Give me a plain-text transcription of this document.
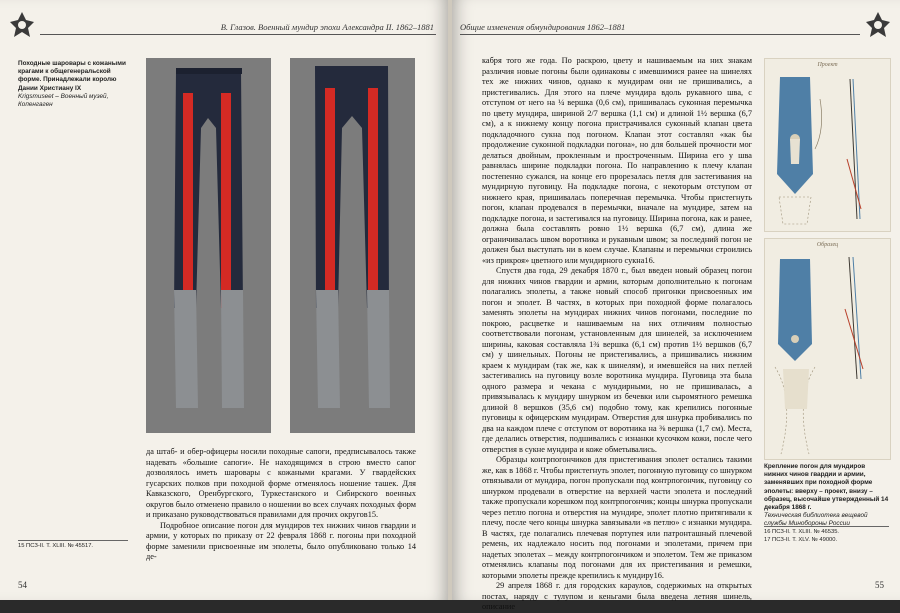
В. Глазов. Военный мундир эпохи Александра II. 1862–1881
Походные шаровары с кожаными крагами к общегенеральской форме. Принадлежали королю Дании Христиану IX
Krigsmuseet – Военный музей, Копенгаген

да штаб- и обер-офицеры носили походные сапоги, предписывалось также надевать «большие сапоги». Не находящимся в строю вместо сапог дозволялось иметь шаровары с кожаными крагами. У гвардейских гусарских полков при походной форме отменялось ношение ташек. Для Кавказского, Оренбургского, Туркестанского и Сибирского военных округов было отменено правило о ношении во всех случаях походных форм и приказано руководствоваться правилами для прочих округов15.

Подробное описание погон для мундиров тех нижних чинов гвардии и армии, у которых по приказу от 22 февраля 1868 г. погоны при походной форме заменили присвоенные им эполеты, было опубликовано только 14 де-

15 ПСЗ-II. Т. XLIII. № 45517.
54
Общие изменения обмундирования 1862–1881

кабря того же года. По раскрою, цвету и нашиваемым на них знакам различия новые погоны были одинаковы с имевшимися ранее на шинелях тех же нижних чинов, однако к мундирам они не пришивались, а пристегивались. Для этого на плече мундира вдоль рукавного шва, с отступом от него на ¼ вершка (0,6 см), пришивалась суконная перемычка по цвету мундира, шириной 2/7 вершка (1,1 см) и длиной 1½ вершка (6,7 см), а к нижнему концу погона пристрачивался суконный клапан цвета подкладочного сукна под погоном. Клапан этот составлял «как бы продолжение суконной подкладки погона», но для большей прочности мог делаться двойным, прокленным и простроченным. Ширина его у шва равнялась ширине подкладки погона. По направлению к плечу клапан постепенно сужался, на конце его прорезалась петля для застегивания на мундирную пуговицу. На подкладке погона, с некоторым отступом от нижнего края, пришивалась поперечная перемычка. Чтобы пристегнуть погон, клапан продевался в перемычки, вначале на мундире, затем на подкладке погона, и застегивался на пуговицу. Ширина погона, как и ранее, должна была составлять ровно 1½ вершка (6,7 см), длина же ограничивалась швом воротника и рукавным швом; за последний погон не должен был выступать ни в коем случае. Клапаны и перемычки строились «из прикроя» цветного или мундирного сукна16.

Спустя два года, 29 декабря 1870 г., был введен новый образец погон для нижних чинов гвардии и армии, которым дополнительно к погонам полагались эполеты, а также новый способ пригонки присвоенных им погон и эполет. В частях, в которых при походной форме полагалось заменять эполеты на мундирах нижних чинов погонами, последние по покрою, расцветке и нашиваемым на них отличиям полностью соответствовали погонам, установленным для шинелей, за исключением ширины, каковая составляла 1¾ вершка (6,1 см) против 1½ вершков (6,7 см) у шинельных. Погоны не пристегивались, а пришивались нижним краем к мундирам (так же, как к шинелям), и имевшейся на них петлей застегивались на пуговицу возле воротника мундира. Пуговица эта была одного размера и чекана с мундирными, но не пришивалась, а привязывалась к мундиру шнурком из бечевки или сыромятного ремешка длиной 8 вершков (35,6 см) подобно тому, как крепились погонные пуговицы к офицерским мундирам. Отверстия для шнурка пробивались по два на каждом плече с отступом от воротника на ⅜ вершка (1,7 см). Места, где делались отверстия, подшивались с изнанки кусочком кожи, после чего отверстия в сукне мундира и коже обметывались.

Образцы контрпогончиков для пристегивания эполет остались такими же, как в 1868 г. Чтобы пристегнуть эполет, погонную пуговицу со шнурком отвязывали от мундира, погон пропускали под контрпогончик, пуговицу со шнурком продевали в отверстие на верхней части эполета и последний также пропускали корешком под контрпогончик; концы шнурка пропускали через петлю погона и отверстия на мундире, эполет плотно притягивали к плечу, после чего концы шнурка завязывали «в петлю» с изнанки мундира. В частях, где полагались плечевая портупея или патронташный плечевой ремень, их надлежало носить под погонами и эполетами, причем при надетых эполетах – между контрпогончиком и эполетом. Тем же приказом отменялись клапаны под погонами для их пристегивания и ремешки, которыми эполеты прежде крепились к мундиру16.

29 апреля 1868 г. для городских караулов, содержимых на открытых постах, наряду с тулупом и кеньгами была введена летняя шинель, описание

Проект
Образец
Крепление погон для мундиров нижних чинов гвардии и армии, заменявших при походной форме эполеты: вверху – проект, внизу – образец, высочайше утвержденный 14 декабря 1868 г.
Техническая библиотека вещевой службы Минобороны России
16 ПСЗ-II. Т. XLIII. № 46535.
17 ПСЗ-II. Т. XLV. № 49000.
55
